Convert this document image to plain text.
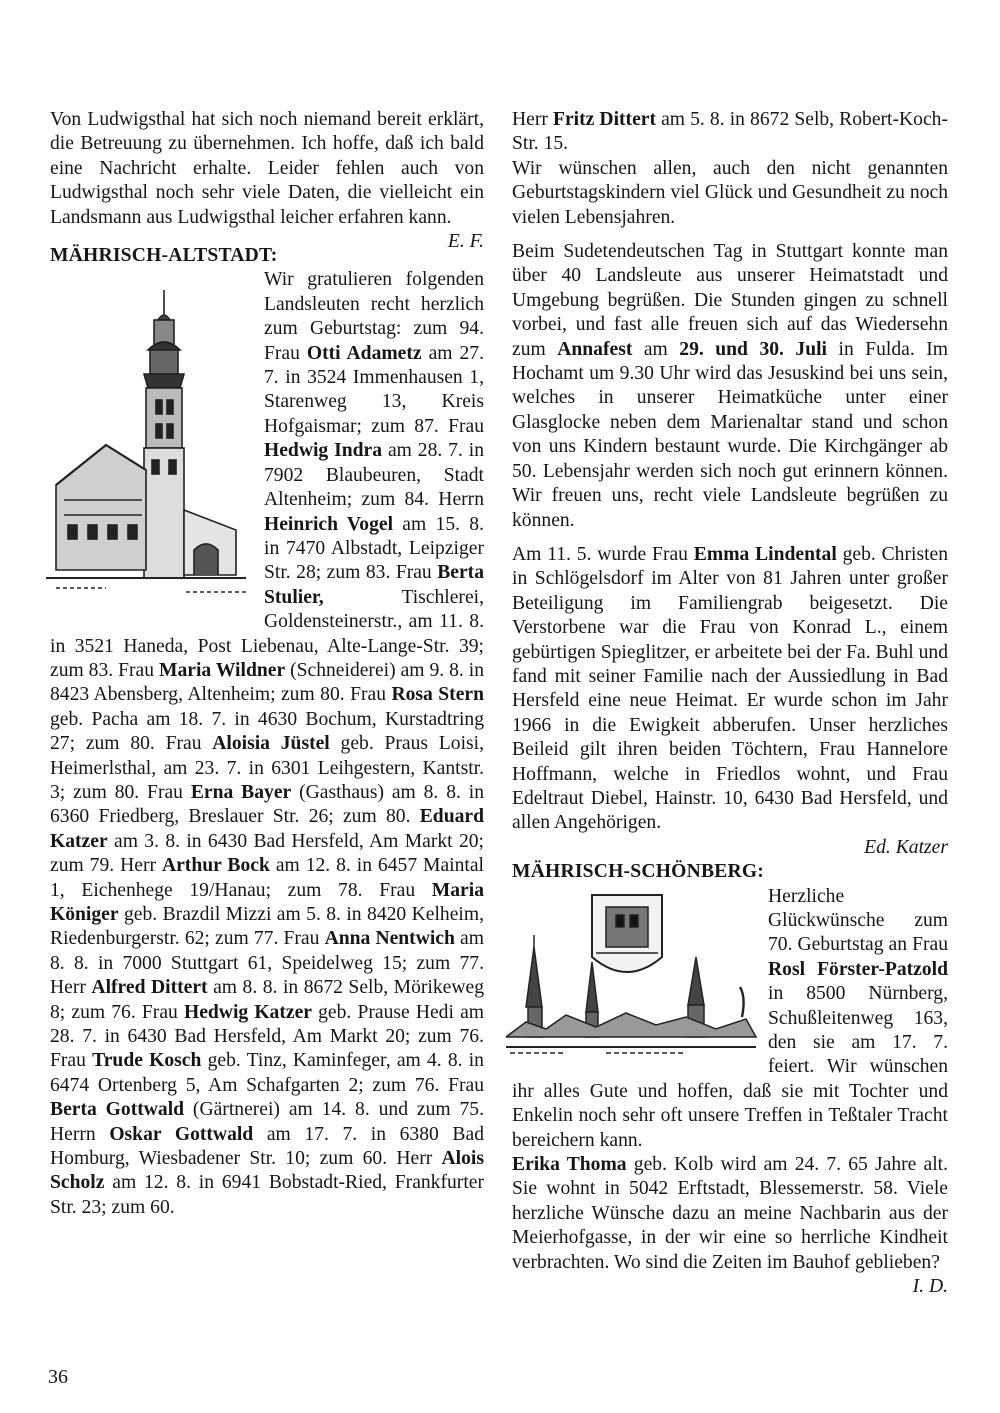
Von Ludwigsthal hat sich noch niemand bereit erklärt, die Betreuung zu übernehmen. Ich hoffe, daß ich bald eine Nachricht erhalte. Leider fehlen auch von Ludwigsthal noch sehr viele Daten, die vielleicht ein Landsmann aus Ludwigsthal leicher erfahren kann.
E. F.

MÄHRISCH-ALTSTADT:

Wir gratulieren folgenden Landsleuten recht herzlich zum Geburtstag: zum 94. Frau Otti Adametz am 27. 7. in 3524 Immenhausen 1, Starenweg 13, Kreis Hofgaismar; zum 87. Frau Hedwig Indra am 28. 7. in 7902 Blaubeuren, Stadt Altenheim; zum 84. Herrn Heinrich Vogel am 15. 8. in 7470 Albstadt, Leipziger Str. 28; zum 83. Frau Berta Stulier, Tischlerei, Goldensteinerstr., am 11. 8. in 3521 Haneda, Post Liebenau, Alte-Lange-Str. 39; zum 83. Frau Maria Wildner (Schneiderei) am 9. 8. in 8423 Abensberg, Altenheim; zum 80. Frau Rosa Stern geb. Pacha am 18. 7. in 4630 Bochum, Kurstadtring 27; zum 80. Frau Aloisia Jüstel geb. Praus Loisi, Heimerlsthal, am 23. 7. in 6301 Leihgestern, Kantstr. 3; zum 80. Frau Erna Bayer (Gasthaus) am 8. 8. in 6360 Friedberg, Breslauer Str. 26; zum 80. Eduard Katzer am 3. 8. in 6430 Bad Hersfeld, Am Markt 20; zum 79. Herr Arthur Bock am 12. 8. in 6457 Maintal 1, Eichenhege 19/Hanau; zum 78. Frau Maria Königer geb. Brazdil Mizzi am 5. 8. in 8420 Kelheim, Riedenburgerstr. 62; zum 77. Frau Anna Nentwich am 8. 8. in 7000 Stuttgart 61, Speidelweg 15; zum 77. Herr Alfred Dittert am 8. 8. in 8672 Selb, Mörikeweg 8; zum 76. Frau Hedwig Katzer geb. Prause Hedi am 28. 7. in 6430 Bad Hersfeld, Am Markt 20; zum 76. Frau Trude Kosch geb. Tinz, Kaminfeger, am 4. 8. in 6474 Ortenberg 5, Am Schafgarten 2; zum 76. Frau Berta Gottwald (Gärtnerei) am 14. 8. und zum 75. Herrn Oskar Gottwald am 17. 7. in 6380 Bad Homburg, Wiesbadener Str. 10; zum 60. Herr Alois Scholz am 12. 8. in 6941 Bobstadt-Ried, Frankfurter Str. 23; zum 60.

Herr Fritz Dittert am 5. 8. in 8672 Selb, Robert-Koch-Str. 15.

Wir wünschen allen, auch den nicht genannten Geburtstagskindern viel Glück und Gesundheit zu noch vielen Lebensjahren.

Beim Sudetendeutschen Tag in Stuttgart konnte man über 40 Landsleute aus unserer Heimatstadt und Umgebung begrüßen. Die Stunden gingen zu schnell vorbei, und fast alle freuen sich auf das Wiedersehn zum Annafest am 29. und 30. Juli in Fulda. Im Hochamt um 9.30 Uhr wird das Jesuskind bei uns sein, welches in unserer Heimatküche unter einer Glasglocke neben dem Marienaltar stand und schon von uns Kindern bestaunt wurde. Die Kirchgänger ab 50. Lebensjahr werden sich noch gut erinnern können. Wir freuen uns, recht viele Landsleute begrüßen zu können.

Am 11. 5. wurde Frau Emma Lindental geb. Christen in Schlögelsdorf im Alter von 81 Jahren unter großer Beteiligung im Familiengrab beigesetzt. Die Verstorbene war die Frau von Konrad L., einem gebürtigen Spieglitzer, er arbeitete bei der Fa. Buhl und fand mit seiner Familie nach der Aussiedlung in Bad Hersfeld eine neue Heimat. Er wurde schon im Jahr 1966 in die Ewigkeit abberufen. Unser herzliches Beileid gilt ihren beiden Töchtern, Frau Hannelore Hoffmann, welche in Friedlos wohnt, und Frau Edeltraut Diebel, Hainstr. 10, 6430 Bad Hersfeld, und allen Angehörigen.

Ed. Katzer

MÄHRISCH-SCHÖNBERG:

Herzliche Glückwünsche zum 70. Geburtstag an Frau Rosl Förster-Patzold in 8500 Nürnberg, Schußleitenweg 163, den sie am 17. 7. feiert. Wir wünschen ihr alles Gute und hoffen, daß sie mit Tochter und Enkelin noch sehr oft unsere Treffen in Teßtaler Tracht bereichern kann.

Erika Thoma geb. Kolb wird am 24. 7. 65 Jahre alt. Sie wohnt in 5042 Erftstadt, Blessemerstr. 58. Viele herzliche Wünsche dazu an meine Nachbarin aus der Meierhofgasse, in der wir eine so herrliche Kindheit verbrachten. Wo sind die Zeiten im Bauhof geblieben?
I. D.

36
